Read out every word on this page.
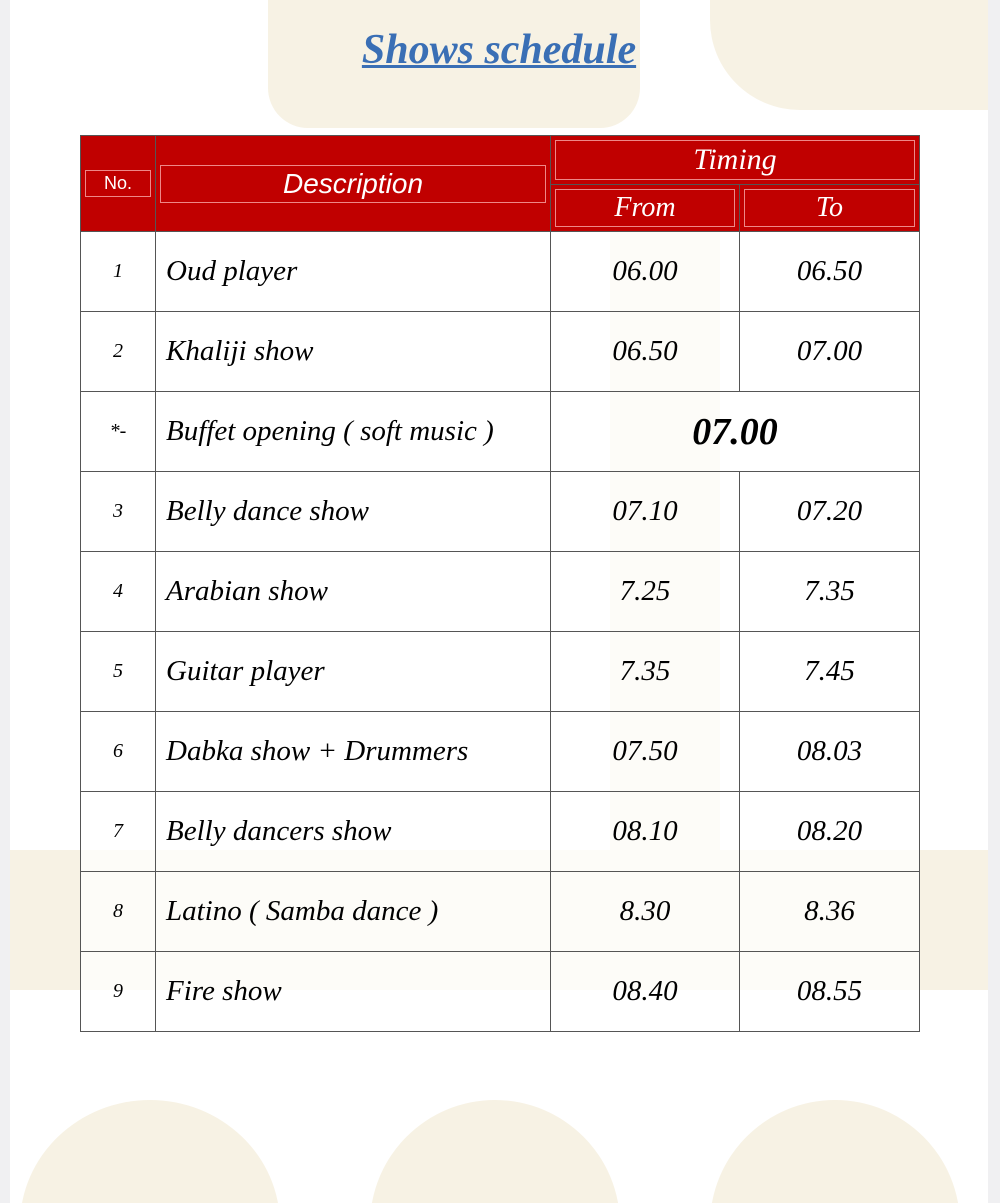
Shows schedule
No.	Description	Timing	

		From	To

1	Oud player	06.00	06.50
2	Khaliji show	06.50	07.00
*-	Buffet opening ( soft music )	07.00	
3	Belly dance show	07.10	07.20
4	Arabian show	7.25	7.35
5	Guitar player	7.35	7.45
6	Dabka show + Drummers	07.50	08.03
7	Belly dancers show	08.10	08.20
8	Latino ( Samba dance )	8.30	8.36
9	Fire show	08.40	08.55
